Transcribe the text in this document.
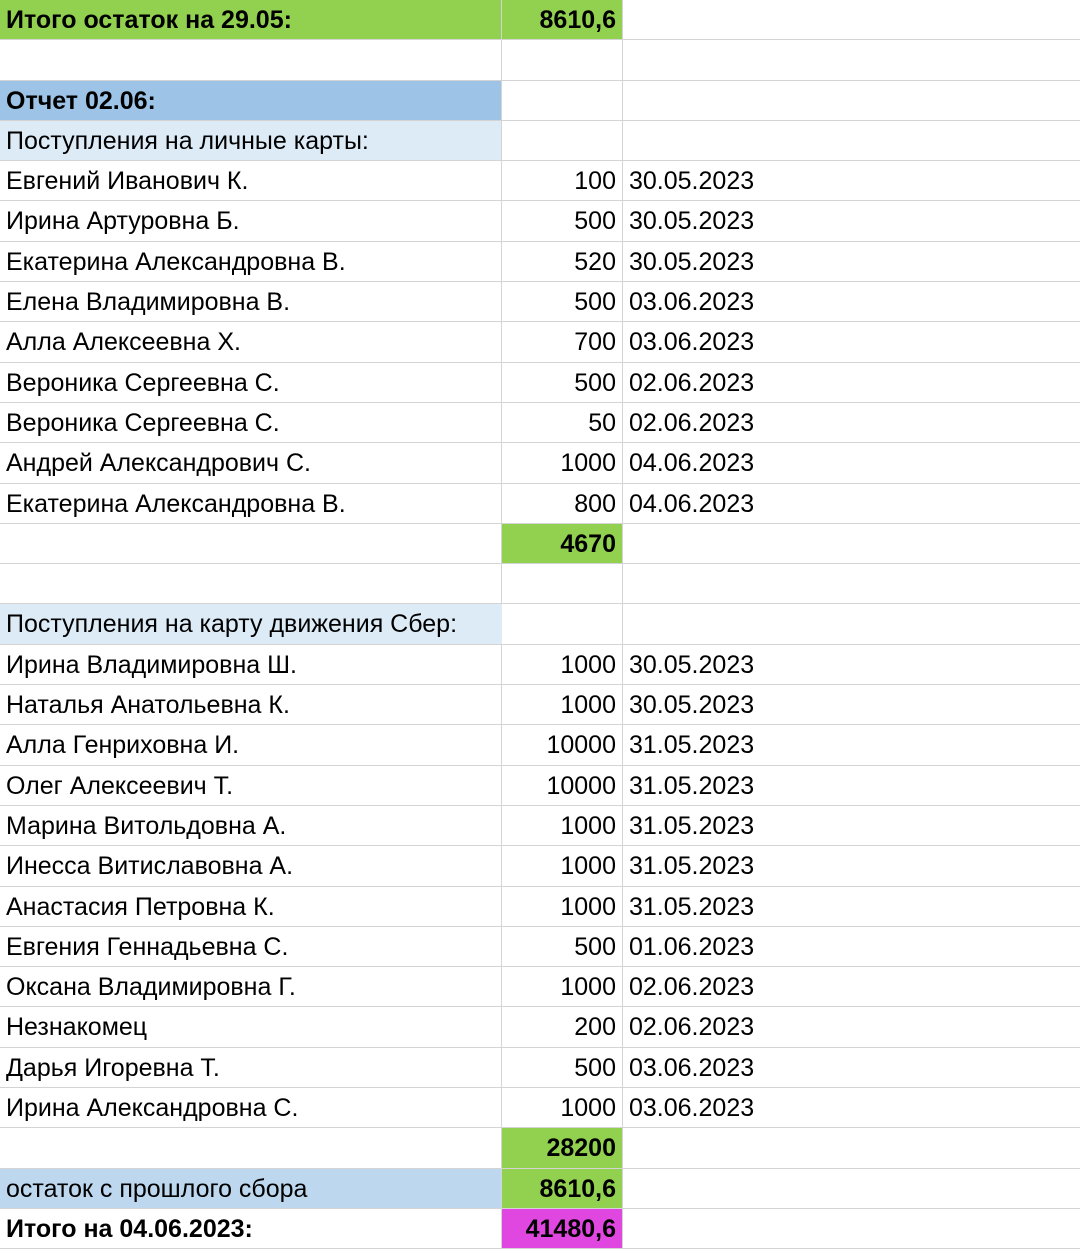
Итого остаток на 29.05:	8610,6
Отчет 02.06:
Поступления на личные карты:
Евгений Иванович К.	100 30.05.2023
Ирина Артуровна Б.	500 30.05.2023
Екатерина Александровна В.	520 30.05.2023
Елена Владимировна В.	500 03.06.2023
Алла Алексеевна Х.	700 03.06.2023
Вероника Сергеевна С.	500 02.06.2023
Вероника Сергеевна С.	50 02.06.2023
Андрей Александрович С.	1000 04.06.2023
Екатерина Александровна В.	800 04.06.2023
4670
Поступления на карту движения Сбер:
Ирина Владимировна Ш.	1000 30.05.2023
Наталья Анатольевна К.	1000 30.05.2023
Алла Генриховна И.	10000 31.05.2023
Олег Алексеевич Т.	10000 31.05.2023
Марина Витольдовна А.	1000 31.05.2023
Инесса Витиславовна А.	1000 31.05.2023
Анастасия Петровна К.	1000 31.05.2023
Евгения Геннадьевна С.	500 01.06.2023
Оксана Владимировна Г.	1000 02.06.2023
Незнакомец	200 02.06.2023
Дарья Игоревна Т.	500 03.06.2023
Ирина Александровна С.	1000 03.06.2023
28200
остаток с прошлого сбора	8610,6
Итого на 04.06.2023:	41480,6
